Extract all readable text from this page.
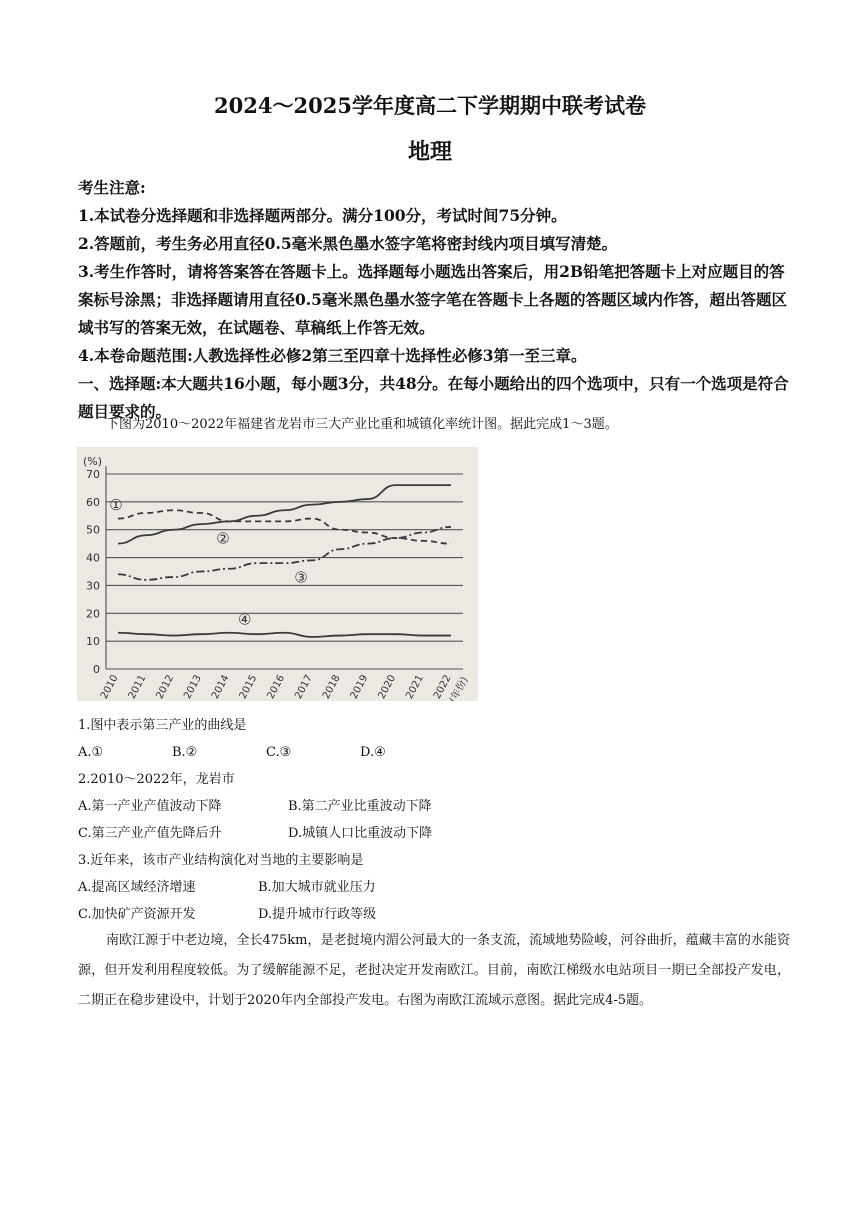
2024～2025学年度高二下学期期中联考试卷
地理

考生注意:

1.本试卷分选择题和非选择题两部分。满分100分，考试时间75分钟。

2.答题前，考生务必用直径0.5毫米黑色墨水签字笔将密封线内项目填写清楚。

3.考生作答时，请将答案答在答题卡上。选择题每小题选出答案后，用2B铅笔把答题卡上对应题目的答案标号涂黑；非选择题请用直径0.5毫米黑色墨水签字笔在答题卡上各题的答题区域内作答，超出答题区域书写的答案无效，在试题卷、草稿纸上作答无效。

4.本卷命题范围:人教选择性必修2第三至四章十选择性必修3第一至三章。

一、选择题:本大题共16小题，每小题3分，共48分。在每小题给出的四个选项中，只有一个选项是符合题目要求的。

下图为2010～2022年福建省龙岩市三大产业比重和城镇化率统计图。据此完成1～3题。
0
10
20
30
40
50
60
70
(%)
2010 2011 2012 2013 2014 2015 2016 2017 2018 2019 2020 2021 2022
(年份)
①
②
③
④
1.图中表示第三产业的曲线是
A.①	B.②	C.③	D.④
2.2010～2022年，龙岩市
A.第一产业产值波动下降	B.第二产业比重波动下降
C.第三产业产值先降后升	D.城镇人口比重波动下降
3.近年来，该市产业结构演化对当地的主要影响是
A.提高区域经济增速	B.加大城市就业压力
C.加快矿产资源开发	D.提升城市行政等级
南欧江源于中老边境，全长475km，是老挝境内湄公河最大的一条支流，流域地势险峻，河谷曲折，蕴藏丰富的水能资源，但开发利用程度较低。为了缓解能源不足，老挝决定开发南欧江。目前，南欧江梯级水电站项目一期已全部投产发电，二期正在稳步建设中，计划于2020年内全部投产发电。右图为南欧江流域示意图。据此完成4-5题。
